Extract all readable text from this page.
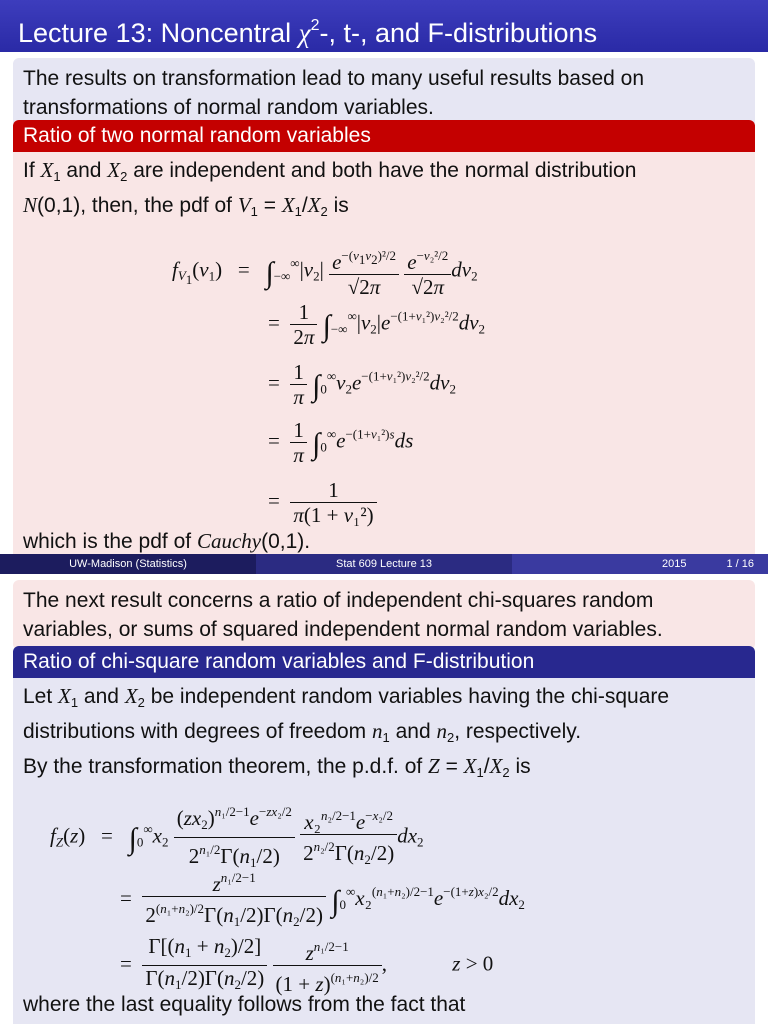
Lecture 13: Noncentral $\chi^2-$, t-, and F-distributions

The results on transformation lead to many useful results based on transformations of normal random variables.

Ratio of two normal random variables

If $X_1$ and $X_2$ are independent and both have the normal distribution
N(0,1), then, the pdf of $V_1 = X_1/X_2$ is

$f_{V_1}(v_1) = \int_{-\infty}^\infty|v_2| \frac{e^{-(v_1v_2)^2/2}}{√2\pi}$
$\frac{e^{-v_2^2/2}}{√2\pi} dv_2$
= $\frac{1}{2\pi} \int_{-\infty}^\infty|v_2|e^{-(1+v_1^2)v_2^2/2}dv_2$
= $\frac{1}{\pi} \int_0^\infty v_2e^{-(1+v_1^2)v_2^2/2}dv_2$
= $\frac{1}{\pi} \int_0^\infty e^{-(1+v_1^2)s}ds$
= $\frac{1}{\text{π(1 + v₁²)}}$
which is the pdf of Cauchy(0,1).
UW-Madison (Statistics)	Stat 609 Lecture 13	2015	1 / 16

The next result concerns a ratio of independent chi-squares random variables, or sums of squared independent normal random variables.

Ratio of chi-square random variables and F-distribution

Let $X_1$ and $X_2$ be independent random variables having the chi-square
distributions with degrees of freedom $n_1$ and $n_2$, respectively.
By the transformation theorem, the p.d.f. of $Z = X_1/X_2$ is

$f_Z(z) = \int_0^\infty x_2 \frac{(zx_2)^{n_1/2-1}e^{-zx_2/2}}{2^{n_1/2}\Gamma(n_1/2)}$
$\frac{x_2^{n_2/2-1}e^{-x_2/2}}{2^{n_2/2}\Gamma(n_2/2)} dx_2$
= $\frac{z^{n_1/2-1}}{2^{(n_1+n_2)/2}\Gamma(n_1/2)\Gamma(n_2/2)} \int_0^\infty x_2^{(n_1+n_2)/2-1}e^{-(1+z)x_2/2}dx_2$
= $\frac{\Gamma[(n_1 + n_2)/2]}{\Gamma(n_1/2)\Gamma(n_2/2)}$
$\frac{z^{n_1/2-1}}{(1 + z)^{(n_1+n_2)/2}}$ ,	z > 0
where the last equality follows from the fact that
